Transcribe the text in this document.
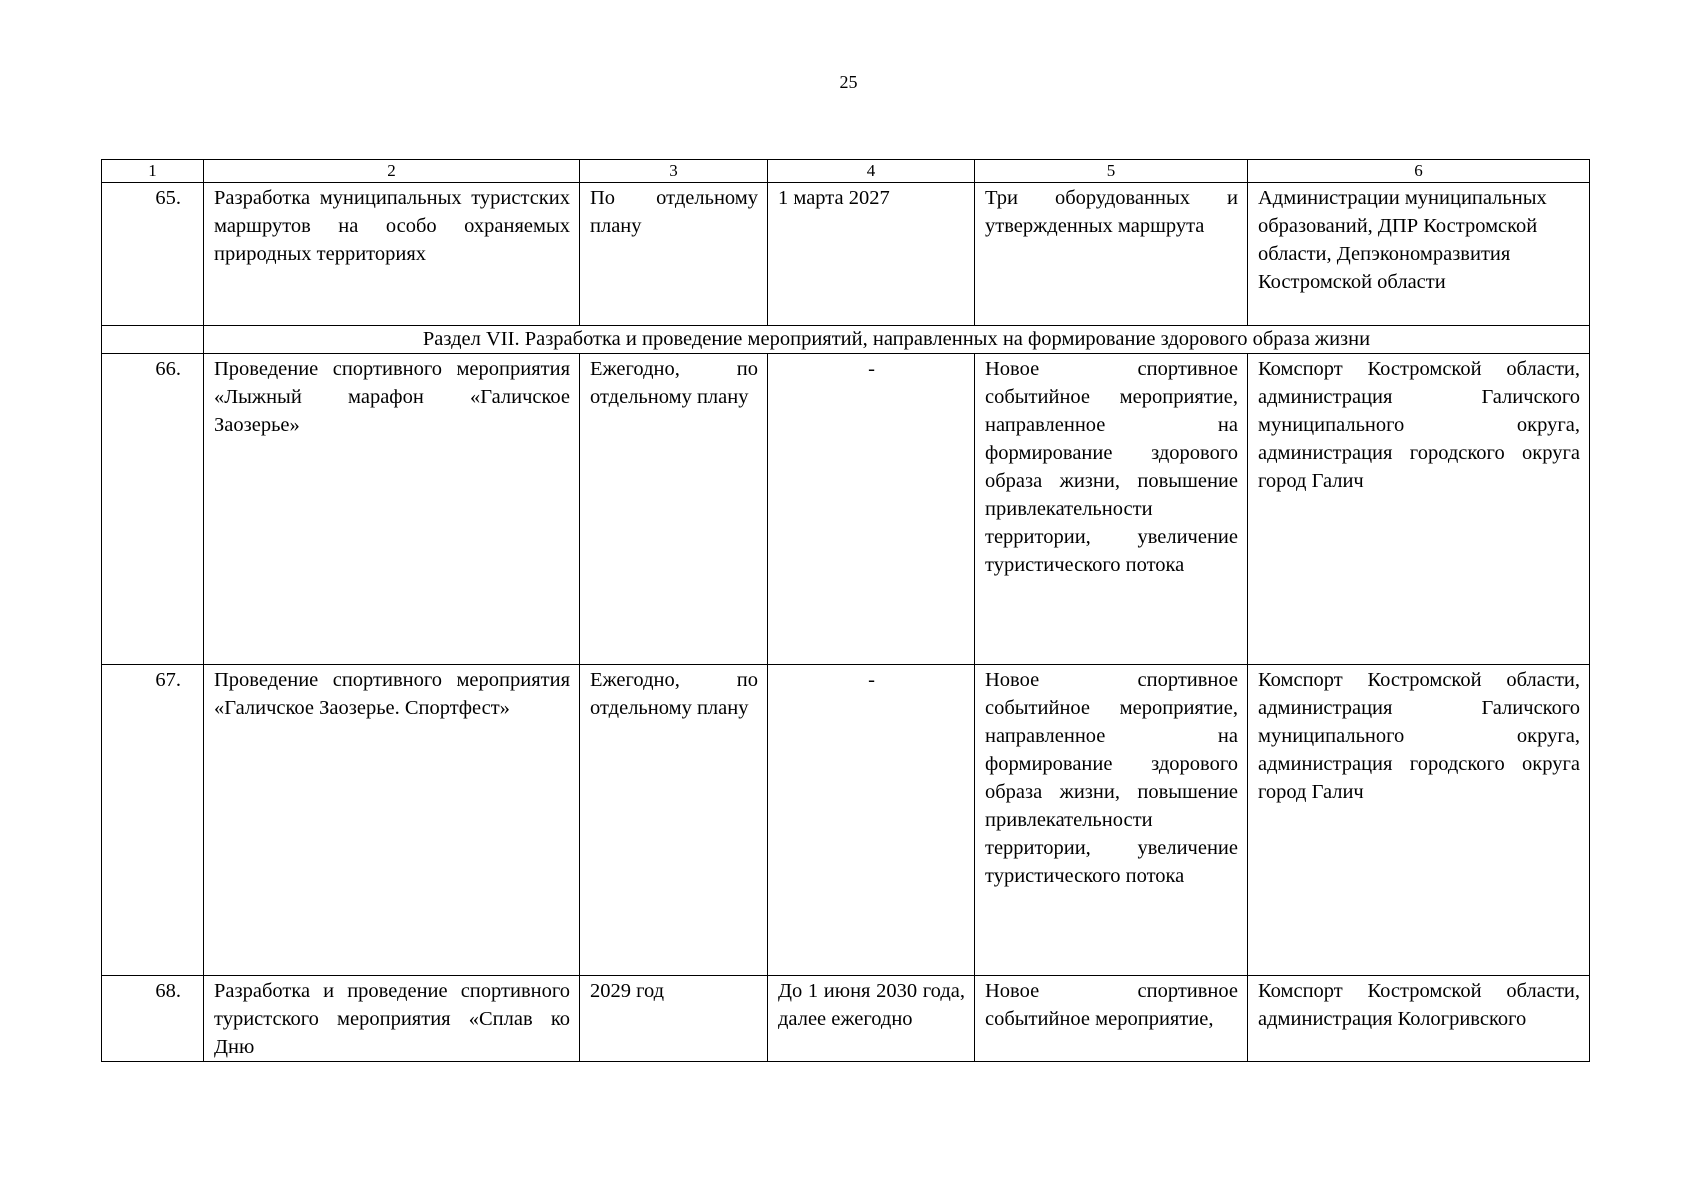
25
1	2	3	4	5	6
65.	Разработка муниципальных туристских маршрутов на особо охраняемых природных территориях	По отдельному плану	1 марта 2027	Три оборудованных и утвержденных маршрута	Администрации муниципальных образований, ДПР Костромской области, Депэкономразвития Костромской области
	Раздел VII. Разработка и проведение мероприятий, направленных на формирование здорового образа жизни				
66.	Проведение спортивного мероприятия «Лыжный марафон «Галичское Заозерье»	Ежегодно, по отдельному плану	-	Новое спортивное событийное мероприятие, направленное на формирование здорового образа жизни, повышение привлекательности территории, увеличение туристического потока	Комспорт Костромской области, администрация Галичского муниципального округа, администрация городского округа город Галич
67.	Проведение спортивного мероприятия «Галичское Заозерье. Спортфест»	Ежегодно, по отдельному плану	-	Новое спортивное событийное мероприятие, направленное на формирование здорового образа жизни, повышение привлекательности территории, увеличение туристического потока	Комспорт Костромской области, администрация Галичского муниципального округа, администрация городского округа город Галич
68.	Разработка и проведение спортивного туристского мероприятия «Сплав ко Дню	2029 год	До 1 июня 2030 года, далее ежегодно	Новое спортивное событийное мероприятие,	Комспорт Костромской области, администрация Кологривского
